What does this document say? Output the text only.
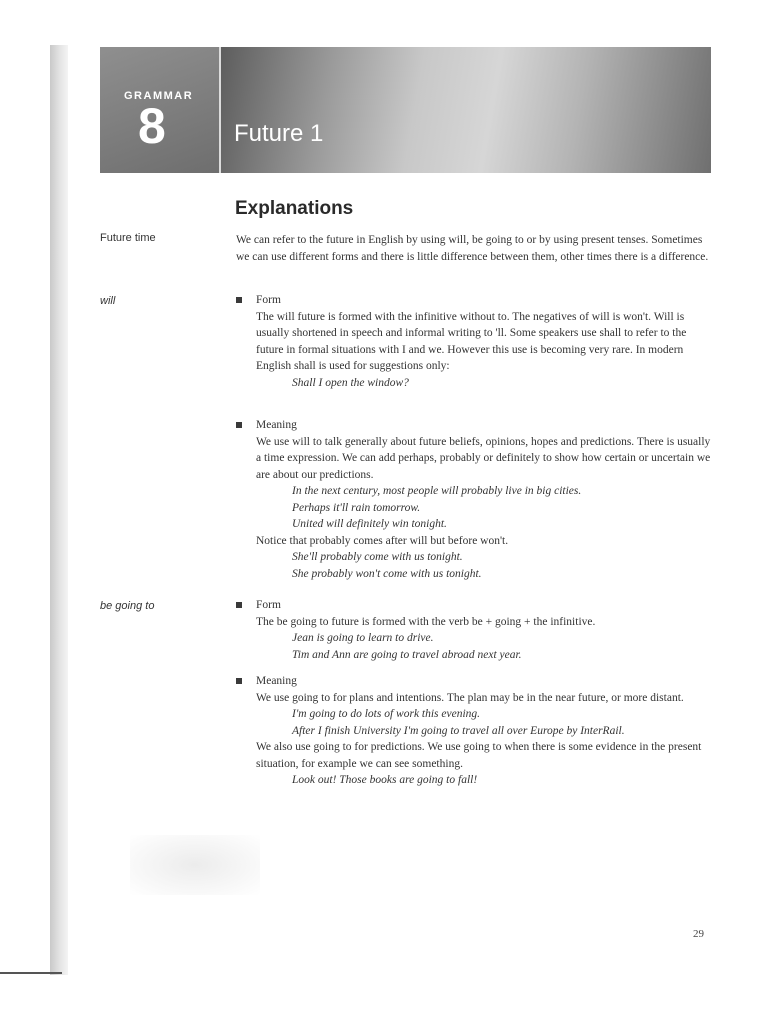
GRAMMAR
8	Future 1
Explanations
Future time
will
be going to
We can refer to the future in English by using will, be going to or by using present tenses. Sometimes we can use different forms and there is little difference between them, other times there is a difference.

Form

The will future is formed with the infinitive without to. The negatives of will is won't. Will is usually shortened in speech and informal writing to 'll. Some speakers use shall to refer to the future in formal situations with I and we. However this use is becoming very rare. In modern English shall is used for suggestions only:

Shall I open the window?

Meaning

We use will to talk generally about future beliefs, opinions, hopes and predictions. There is usually a time expression. We can add perhaps, probably or definitely to show how certain or uncertain we are about our predictions.

In the next century, most people will probably live in big cities.

Perhaps it'll rain tomorrow.

United will definitely win tonight.

Notice that probably comes after will but before won't.

She'll probably come with us tonight.

She probably won't come with us tonight.

Form

The be going to future is formed with the verb be + going + the infinitive.

Jean is going to learn to drive.

Tim and Ann are going to travel abroad next year.

Meaning

We use going to for plans and intentions. The plan may be in the near future, or more distant.

I'm going to do lots of work this evening.

After I finish University I'm going to travel all over Europe by InterRail.

We also use going to for predictions. We use going to when there is some evidence in the present situation, for example we can see something.

Look out! Those books are going to fall!

29
